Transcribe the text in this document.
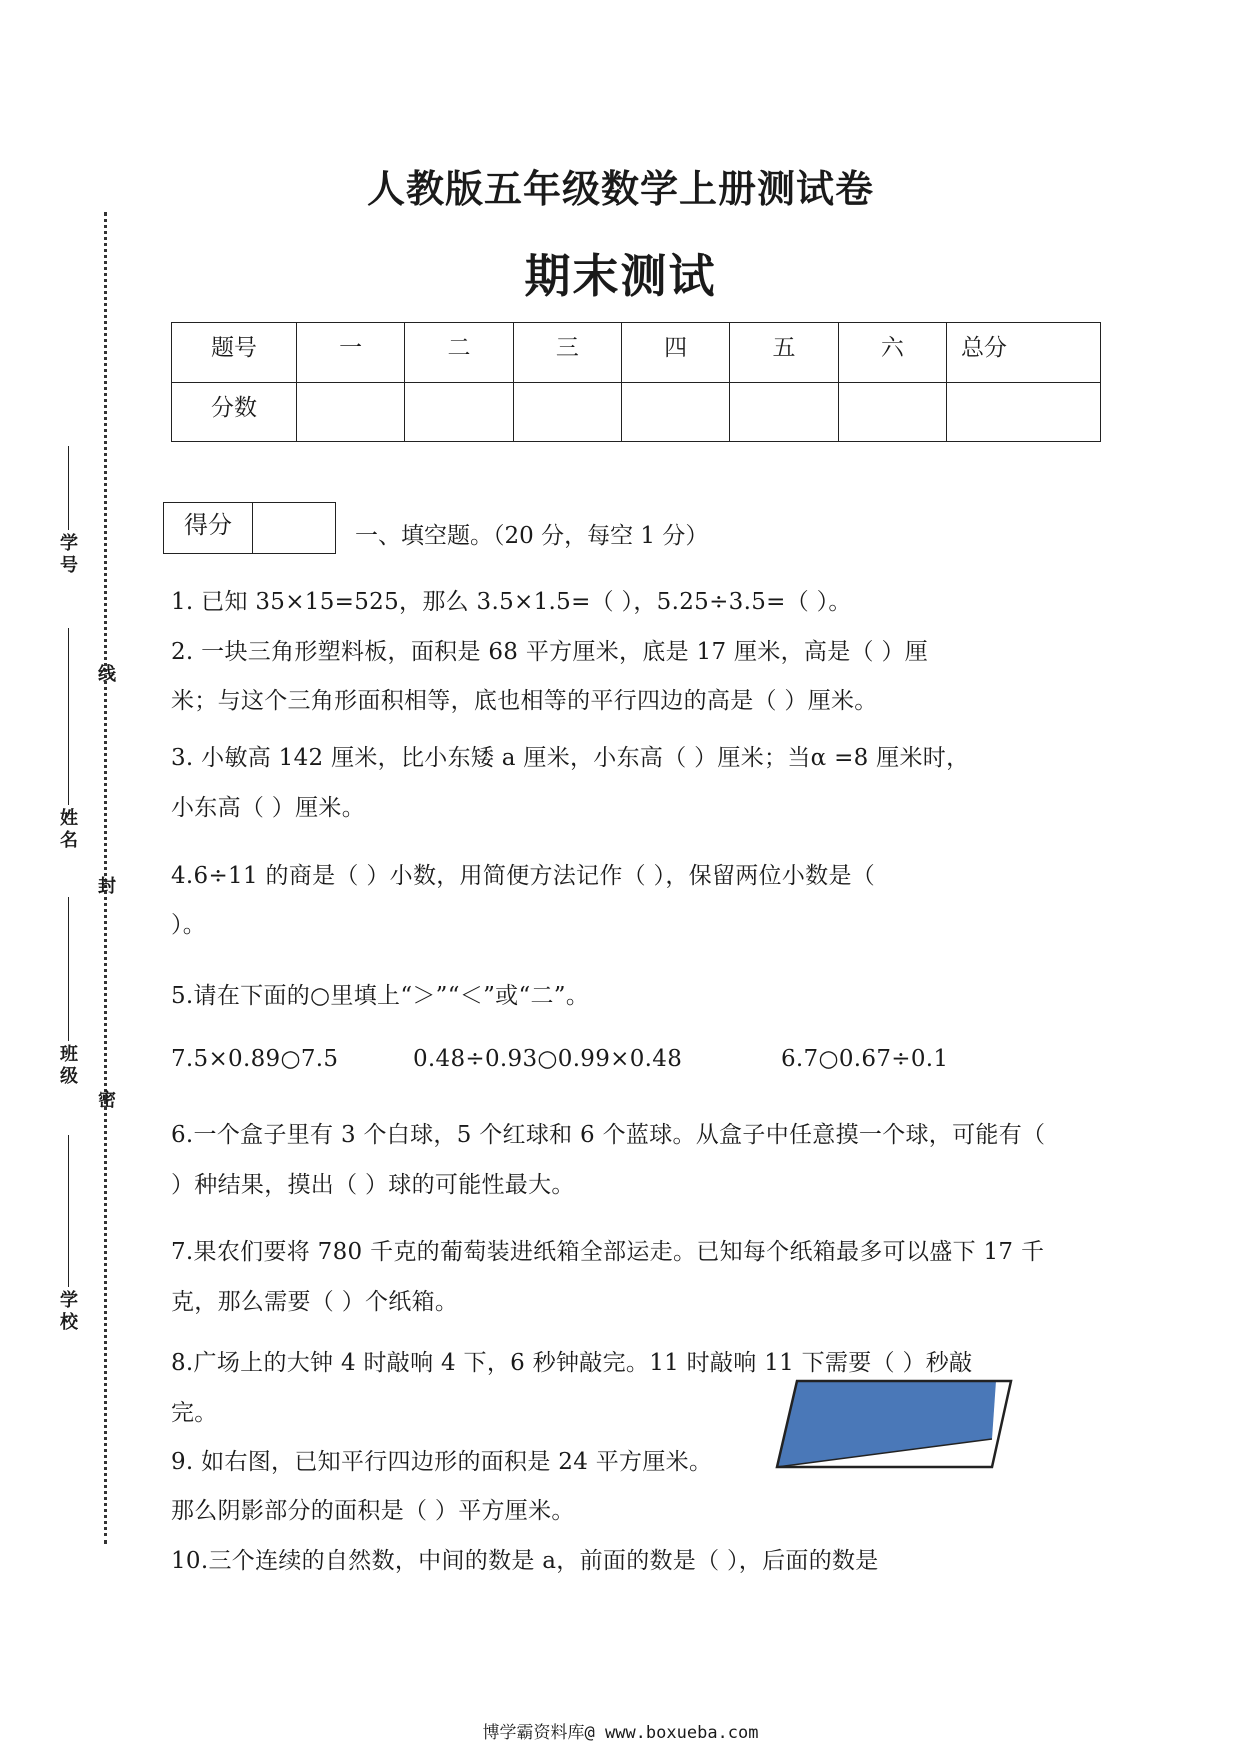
学号
姓名
班级
学校
线
封
密
人教版五年级数学上册测试卷
期末测试
题号	一	二	三	四	五	六	总分
分数							
得分	一、填空题。（20 分，每空 1 分）
1. 已知 35×15=525，那么 3.5×1.5=（ ），5.25÷3.5=（ ）。
2. 一块三角形塑料板，面积是 68 平方厘米，底是 17 厘米，高是（ ）厘
米；与这个三角形面积相等，底也相等的平行四边的高是（ ）厘米。
3. 小敏高 142 厘米，比小东矮 a 厘米，小东高（ ）厘米；当α =8 厘米时，
小东高（ ）厘米。
4.6÷11 的商是（ ）小数，用简便方法记作（ ），保留两位小数是（
）。
5.请在下面的○里填上“＞”“＜”或“二”。
7.5×0.89○7.5	0.48÷0.93○0.99×0.48	6.7○0.67÷0.1
6.一个盒子里有 3 个白球，5 个红球和 6 个蓝球。从盒子中任意摸一个球，可能有（
）种结果，摸出（ ）球的可能性最大。
7.果农们要将 780 千克的葡萄装进纸箱全部运走。已知每个纸箱最多可以盛下 17 千
克，那么需要（ ）个纸箱。
8.广场上的大钟 4 时敲响 4 下，6 秒钟敲完。11 时敲响 11 下需要（ ）秒敲
完。
9. 如右图，已知平行四边形的面积是 24 平方厘米。
那么阴影部分的面积是（ ）平方厘米。
10.三个连续的自然数，中间的数是 a，前面的数是（ ），后面的数是
博学霸资料库@ www.boxueba.com
